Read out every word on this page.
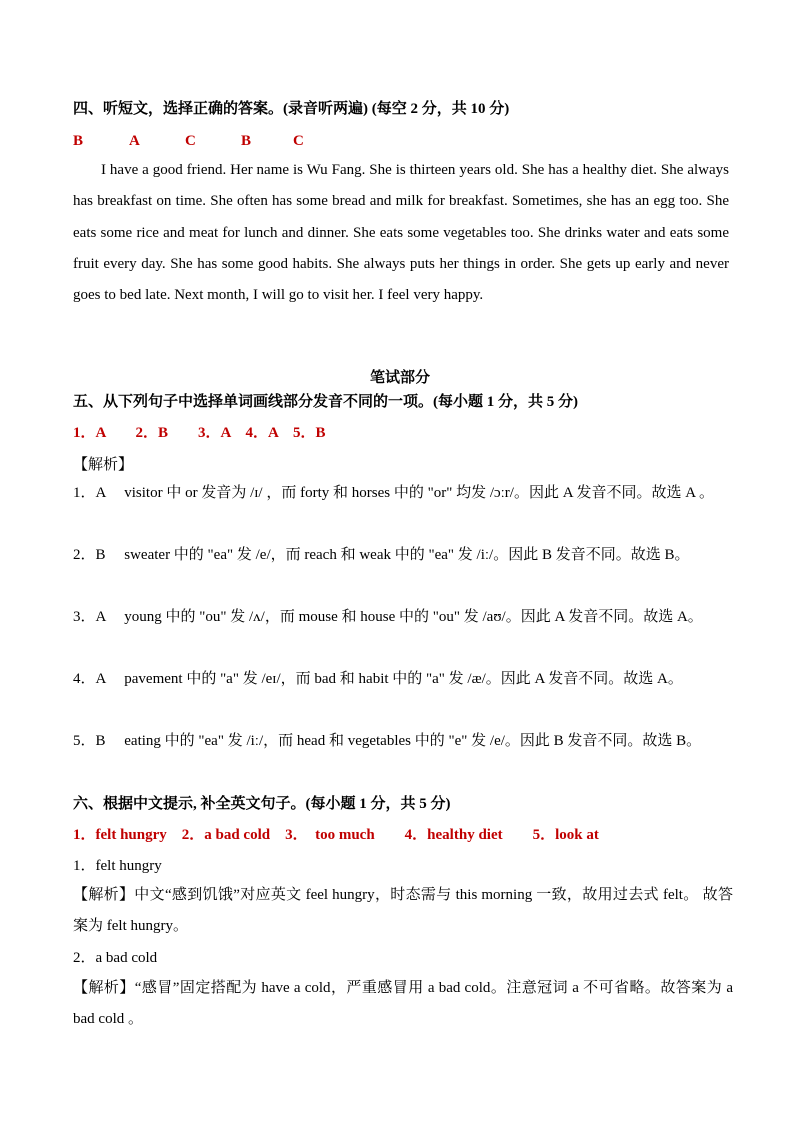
四、听短文，选择正确的答案。(录音听两遍) (每空 2 分，共 10 分)
B	A	C	B	C
I have a good friend. Her name is Wu Fang. She is thirteen years old. She has a healthy diet. She always has breakfast on time. She often has some bread and milk for breakfast. Sometimes, she has an egg too. She eats some rice and meat for lunch and dinner. She eats some vegetables too. She drinks water and eats some fruit every day. She has some good habits. She always puts her things in order. She gets up early and never goes to bed late. Next month, I will go to visit her. I feel very happy.
笔试部分
五、从下列句子中选择单词画线部分发音不同的一项。(每小题 1 分，共 5 分)
1．A　　2．B　　3．A　4．A　5．B
【解析】
1．A　 visitor 中 or 发音为 /ɪ/ ，而 forty 和 horses 中的 "or" 均发 /ɔːr/。因此 A 发音不同。故选 A 。
2．B　 sweater 中的 "ea" 发 /e/，而 reach 和 weak 中的 "ea" 发 /iː/。因此 B 发音不同。故选 B。
3．A　 young 中的 "ou" 发 /ʌ/，而 mouse 和 house 中的 "ou" 发 /aʊ/。因此 A 发音不同。故选 A。
4．A　 pavement 中的 "a" 发 /eɪ/，而 bad 和 habit 中的 "a" 发 /æ/。因此 A 发音不同。故选 A。
5．B　 eating 中的 "ea" 发 /iː/，而 head 和 vegetables 中的 "e" 发 /e/。因此 B 发音不同。故选 B。
六、根据中文提示, 补全英文句子。(每小题 1 分，共 5 分)
1．felt hungry　2．a bad cold　3．　too much　　4．healthy diet　　5．look at
1．felt hungry
【解析】中文“感到饥饿”对应英文 feel hungry，时态需与 this morning 一致，故用过去式 felt。 故答案为 felt hungry。
2．a bad cold
【解析】“感冒”固定搭配为 have a cold，严重感冒用 a bad cold。注意冠词 a 不可省略。故答案为 a bad cold 。
